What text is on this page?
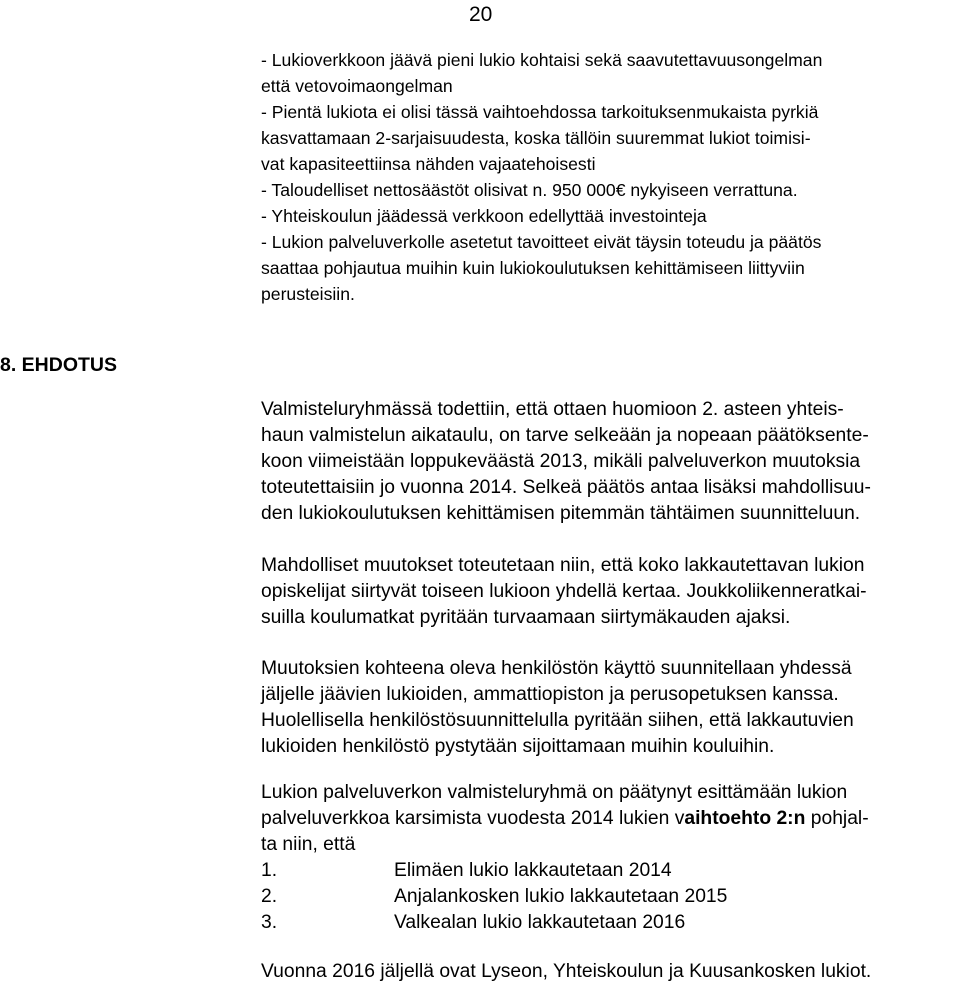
20
- Lukioverkkoon jäävä pieni lukio kohtaisi sekä saavutettavuusongelman
että vetovoimaongelman
- Pientä lukiota ei olisi tässä vaihtoehdossa tarkoituksenmukaista pyrkiä
kasvattamaan 2-sarjaisuudesta, koska tällöin suuremmat lukiot toimisi-
vat kapasiteettiinsa nähden vajaatehoisesti
- Taloudelliset nettosäästöt olisivat n. 950 000€ nykyiseen verrattuna.
- Yhteiskoulun jäädessä verkkoon edellyttää investointeja
- Lukion palveluverkolle asetetut tavoitteet eivät täysin toteudu ja päätös
saattaa pohjautua muihin kuin lukiokoulutuksen kehittämiseen liittyviin
perusteisiin.
8. EHDOTUS
Valmisteluryhmässä todettiin, että ottaen huomioon 2. asteen yhteis-
haun valmistelun aikataulu, on tarve selkeään ja nopeaan päätöksente-
koon viimeistään loppukeväästä 2013, mikäli palveluverkon muutoksia
toteutettaisiin jo vuonna 2014. Selkeä päätös antaa lisäksi mahdollisuu-
den lukiokoulutuksen kehittämisen pitemmän tähtäimen suunnitteluun.
Mahdolliset muutokset toteutetaan niin, että koko lakkautettavan lukion
opiskelijat siirtyvät toiseen lukioon yhdellä kertaa. Joukkoliikenneratkai-
suilla koulumatkat pyritään turvaamaan siirtymäkauden ajaksi.
Muutoksien kohteena oleva henkilöstön käyttö suunnitellaan yhdessä
jäljelle jäävien lukioiden, ammattiopiston ja perusopetuksen kanssa.
Huolellisella henkilöstösuunnittelulla pyritään siihen, että lakkautuvien
lukioiden henkilöstö pystytään sijoittamaan muihin kouluihin.
Lukion palveluverkon valmisteluryhmä on päätynyt esittämään lukion
palveluverkkoa karsimista vuodesta 2014 lukien vaihtoehto 2:n pohjal-
ta niin, että
1.	Elimäen lukio lakkautetaan 2014
2.	Anjalankosken lukio lakkautetaan 2015
3.	Valkealan lukio lakkautetaan 2016
Vuonna 2016 jäljellä ovat Lyseon, Yhteiskoulun ja Kuusankosken lukiot.
